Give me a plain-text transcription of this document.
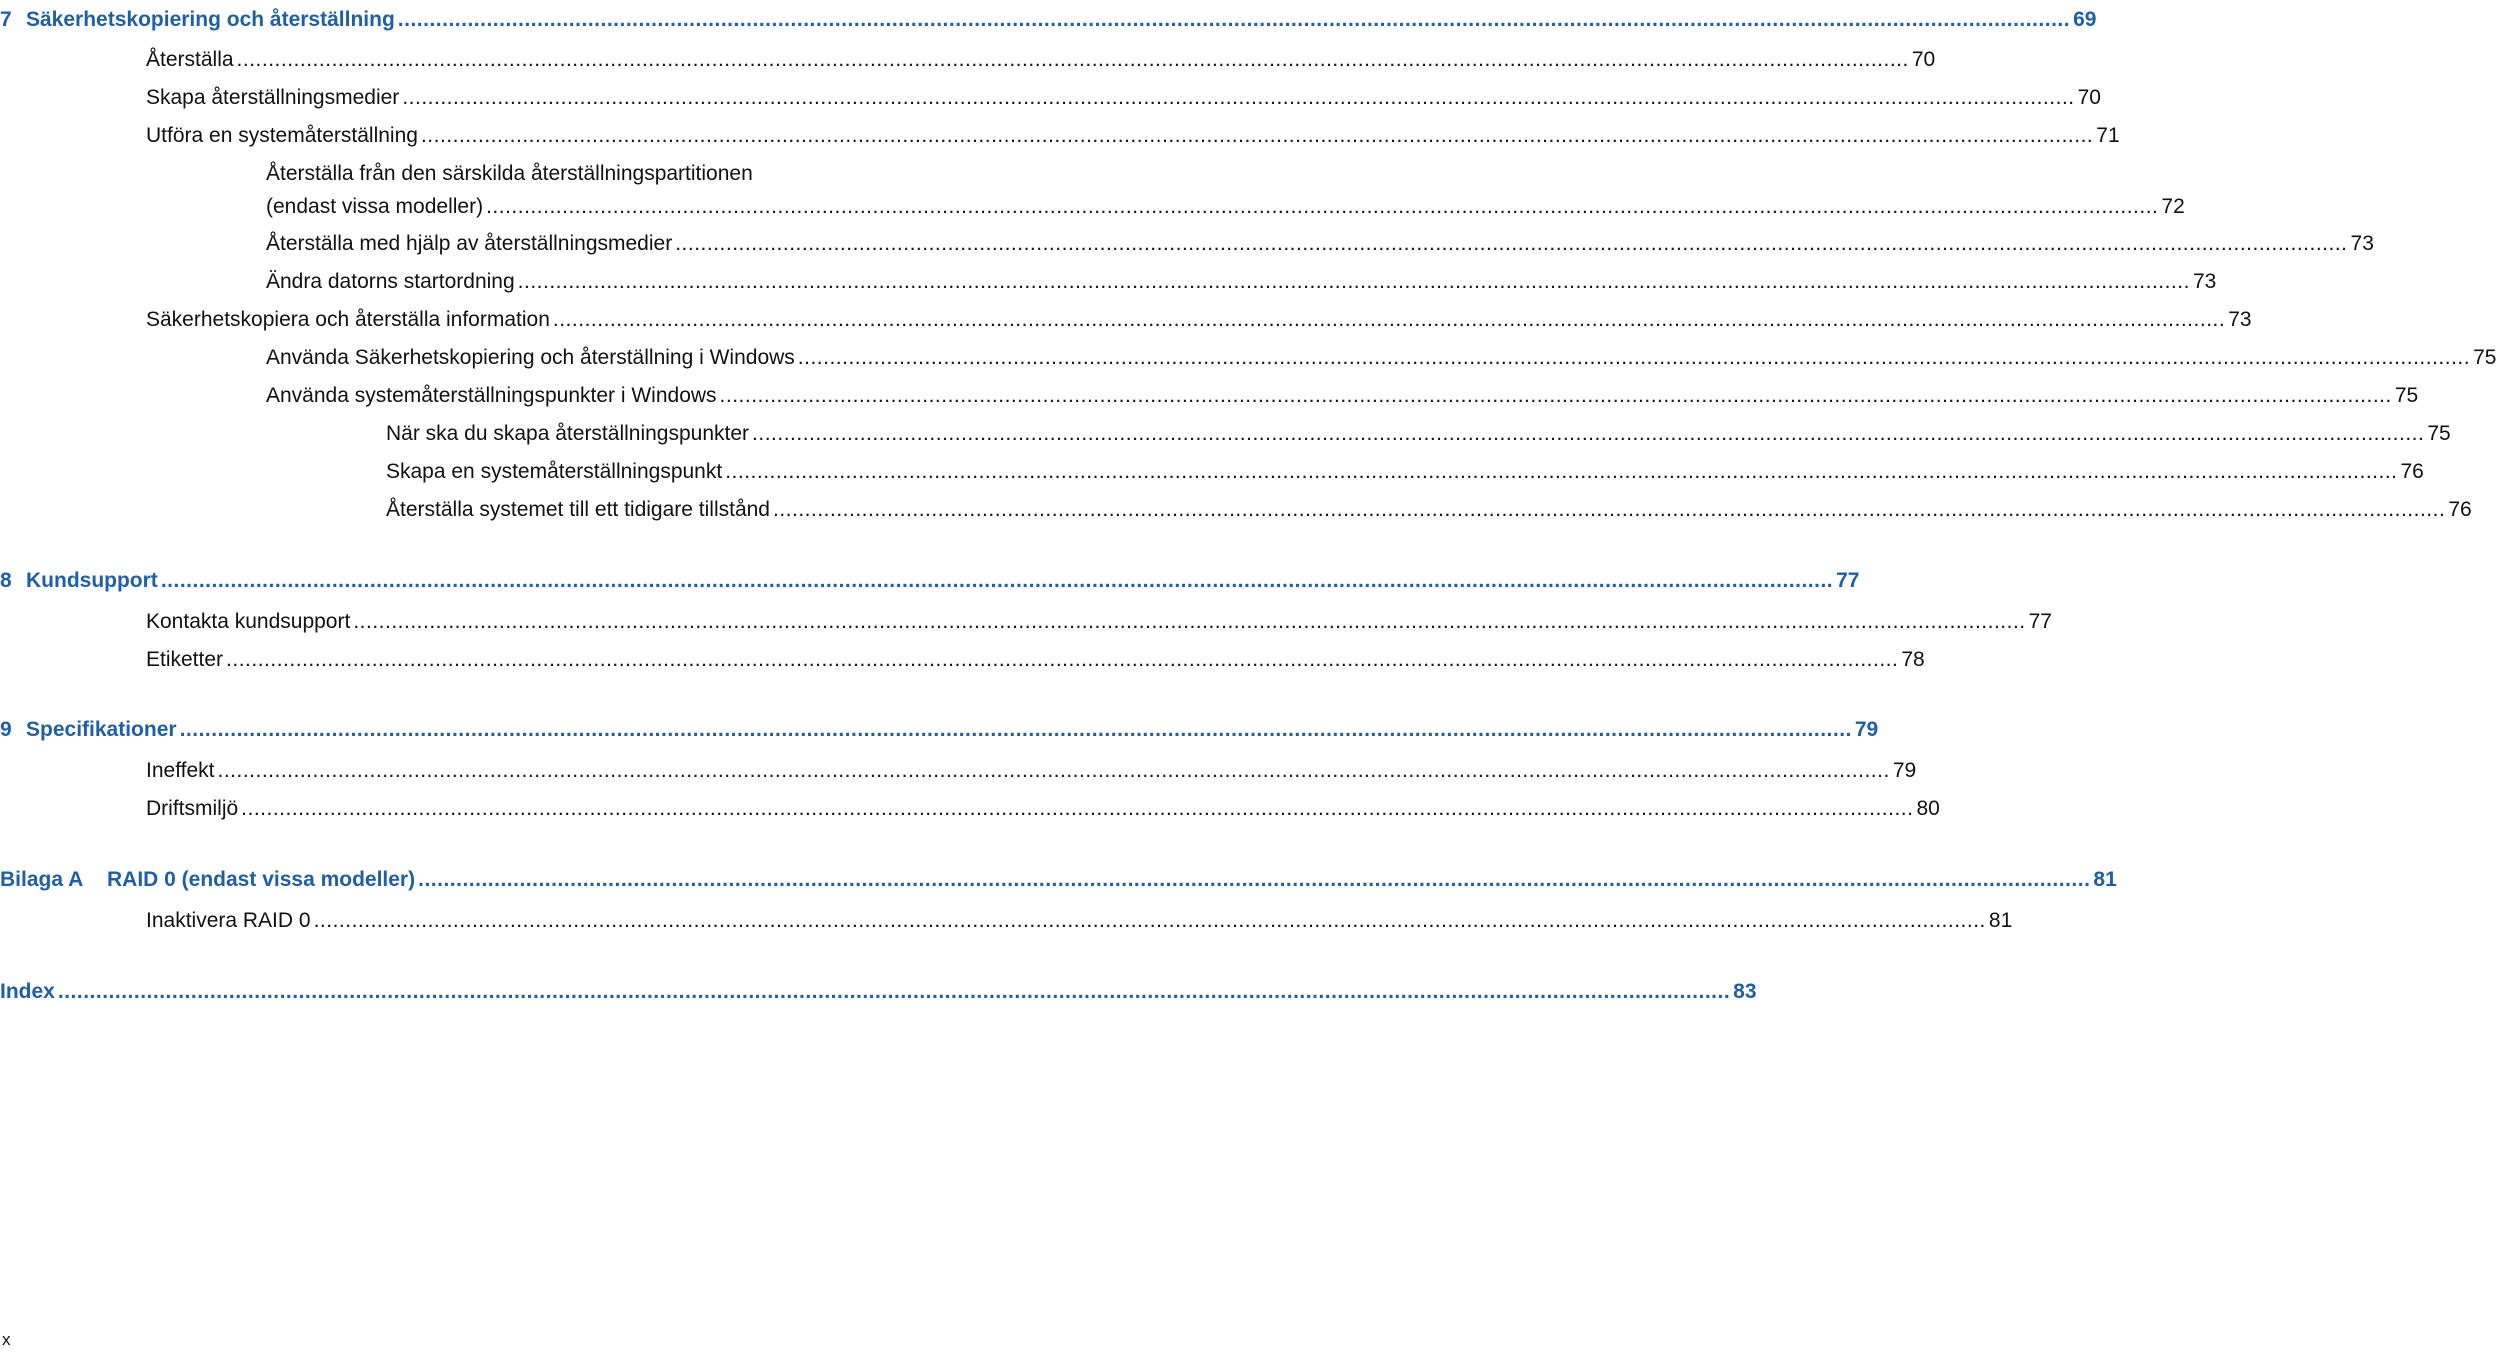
7 Säkerhetskopiering och återställning .....	69
Återställa .....	70
Skapa återställningsmedier .....	70
Utföra en systemåterställning .....	71
Återställa från den särskilda återställningspartitionen
(endast vissa modeller) .....	72
Återställa med hjälp av återställningsmedier .....	73
Ändra datorns startordning .....	73
Säkerhetskopiera och återställa information .....	73
Använda Säkerhetskopiering och återställning i Windows .....	75
Använda systemåterställningspunkter i Windows .....	75
När ska du skapa återställningspunkter .....	75
Skapa en systemåterställningspunkt .....	76
Återställa systemet till ett tidigare tillstånd .....	76
8 Kundsupport .....	77
Kontakta kundsupport .....	77
Etiketter .....	78
9 Specifikationer .....	79
Ineffekt .....	79
Driftsmiljö .....	80
Bilaga A RAID 0 (endast vissa modeller) .....	81
Inaktivera RAID 0 .....	81
Index .....	83
x
